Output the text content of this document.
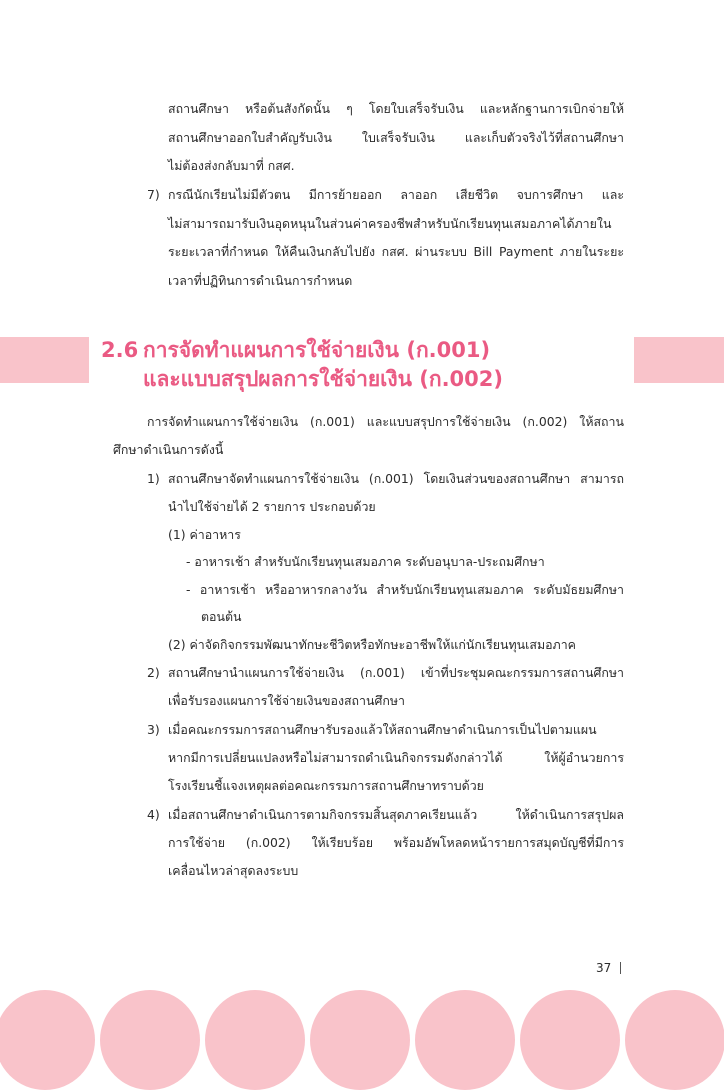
สถานศึกษา หรือต้นสังกัดนั้น ๆ โดยใบเสร็จรับเงิน และหลักฐานการเบิกจ่ายให้
สถานศึกษาออกใบสำคัญรับเงิน ใบเสร็จรับเงิน และเก็บตัวจริงไว้ที่สถานศึกษา
ไม่ต้องส่งกลับมาที่ กสศ.
7) กรณีนักเรียนไม่มีตัวตน มีการย้ายออก ลาออก เสียชีวิต จบการศึกษา และ
ไม่สามารถมารับเงินอุดหนุนในส่วนค่าครองชีพสำหรับนักเรียนทุนเสมอภาคได้ภายใน
ระยะเวลาที่กำหนด ให้คืนเงินกลับไปยัง กสศ. ผ่านระบบ Bill Payment ภายในระยะ
เวลาที่ปฏิทินการดำเนินการกำหนด
2.6 การจัดทำแผนการใช้จ่ายเงิน (ก.001)
และแบบสรุปผลการใช้จ่ายเงิน (ก.002)
การจัดทำแผนการใช้จ่ายเงิน (ก.001) และแบบสรุปการใช้จ่ายเงิน (ก.002) ให้สถาน
ศึกษาดำเนินการดังนี้
1) สถานศึกษาจัดทำแผนการใช้จ่ายเงิน (ก.001) โดยเงินส่วนของสถานศึกษา สามารถ
นำไปใช้จ่ายได้ 2 รายการ ประกอบด้วย
(1) ค่าอาหาร
- อาหารเช้า สำหรับนักเรียนทุนเสมอภาค ระดับอนุบาล-ประถมศึกษา
- อาหารเช้า หรืออาหารกลางวัน สำหรับนักเรียนทุนเสมอภาค ระดับมัธยมศึกษา
ตอนต้น
(2) ค่าจัดกิจกรรมพัฒนาทักษะชีวิตหรือทักษะอาชีพให้แก่นักเรียนทุนเสมอภาค
2) สถานศึกษานำแผนการใช้จ่ายเงิน (ก.001) เข้าที่ประชุมคณะกรรมการสถานศึกษา
เพื่อรับรองแผนการใช้จ่ายเงินของสถานศึกษา
3) เมื่อคณะกรรมการสถานศึกษารับรองแล้วให้สถานศึกษาดำเนินการเป็นไปตามแผน
หากมีการเปลี่ยนแปลงหรือไม่สามารถดำเนินกิจกรรมดังกล่าวได้ ให้ผู้อำนวยการ
โรงเรียนชี้แจงเหตุผลต่อคณะกรรมการสถานศึกษาทราบด้วย
4) เมื่อสถานศึกษาดำเนินการตามกิจกรรมสิ้นสุดภาคเรียนแล้ว ให้ดำเนินการสรุปผล
การใช้จ่าย (ก.002) ให้เรียบร้อย พร้อมอัพโหลดหน้ารายการสมุดบัญชีที่มีการ
เคลื่อนไหวล่าสุดลงระบบ
37
